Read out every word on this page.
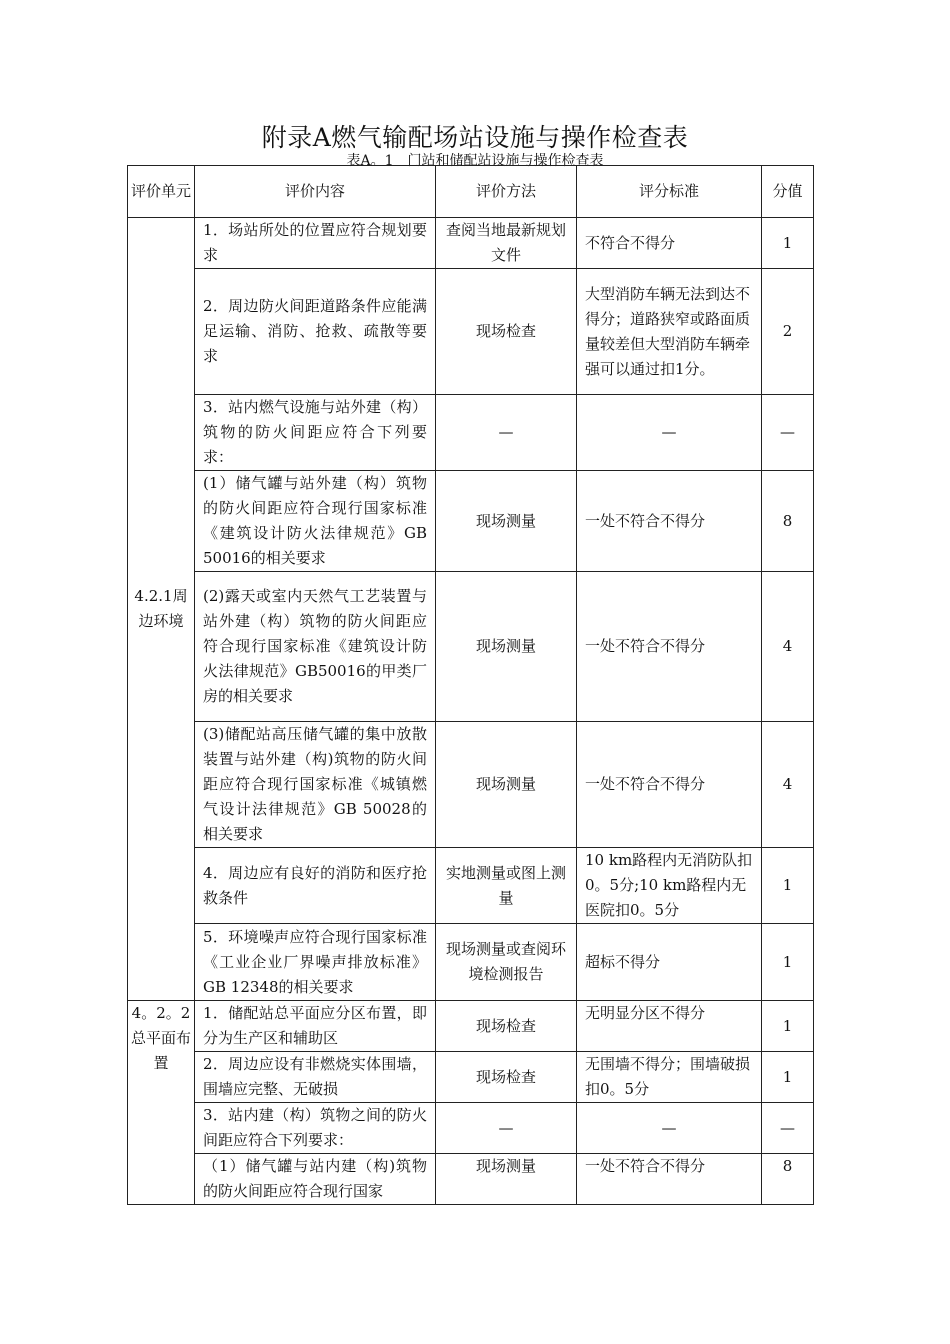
附录A燃气输配场站设施与操作检查表
表A。1　门站和储配站设施与操作检查表
评价单元	评价内容	评价方法	评分标准	分值
4.2.1周边环境	1．场站所处的位置应符合规划要求	查阅当地最新规划文件	不符合不得分	1
	2．周边防火间距道路条件应能满足运输、消防、抢救、疏散等要求	现场检查	大型消防车辆无法到达不得分；道路狭窄或路面质量较差但大型消防车辆牵强可以通过扣1分。	2
	3．站内燃气设施与站外建（构）筑物的防火间距应符合下列要求：	—	—	—
	(1）储气罐与站外建（构）筑物的防火间距应符合现行国家标准《建筑设计防火法律规范》GB 50016的相关要求	现场测量	一处不符合不得分	8
	(2)露天或室内天然气工艺装置与站外建（构）筑物的防火间距应符合现行国家标准《建筑设计防火法律规范》GB50016的甲类厂房的相关要求	现场测量	一处不符合不得分	4
	(3)储配站高压储气罐的集中放散装置与站外建（构)筑物的防火间距应符合现行国家标准《城镇燃气设计法律规范》GB 50028的相关要求	现场测量	一处不符合不得分	4
	4．周边应有良好的消防和医疗抢救条件	实地测量或图上测量	10 km路程内无消防队扣0。5分;10 km路程内无医院扣0。5分	1
	5．环境噪声应符合现行国家标准《工业企业厂界噪声排放标准》GB 12348的相关要求	现场测量或查阅环境检测报告	超标不得分	1
4。2。2总平面布置	1．储配站总平面应分区布置，即分为生产区和辅助区	现场检查	无明显分区不得分	1
	2．周边应设有非燃烧实体围墙，围墙应完整、无破损	现场检查	无围墙不得分；围墙破损扣0。5分	1
	3．站内建（构）筑物之间的防火间距应符合下列要求：	—	—	—
	（1）储气罐与站内建（构)筑物的防火间距应符合现行国家	现场测量	一处不符合不得分	8
